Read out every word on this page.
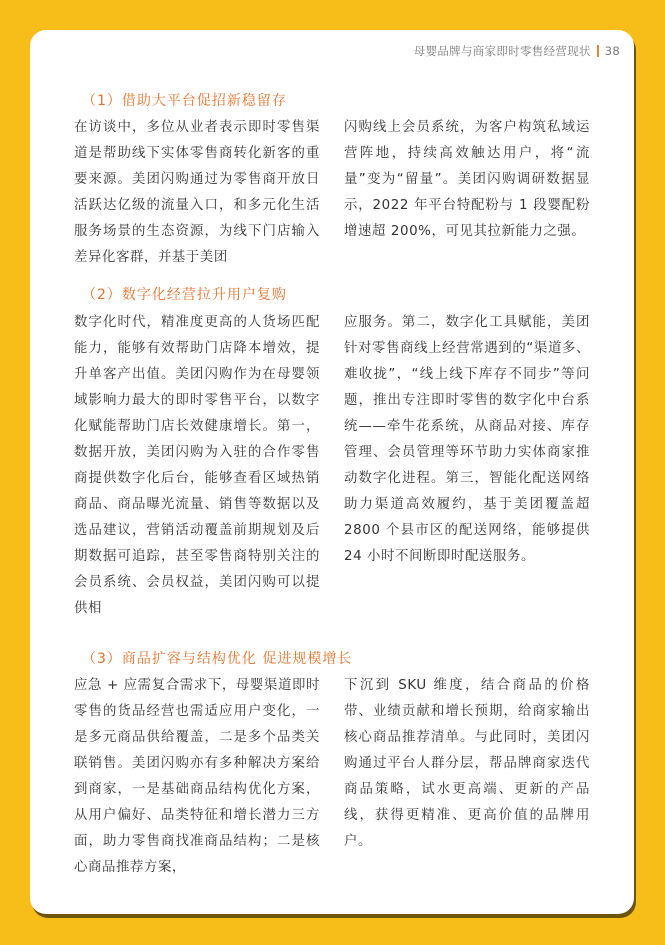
母婴品牌与商家即时零售经营现状 38
（1）借助大平台促招新稳留存

在访谈中，多位从业者表示即时零售渠道是帮助线下实体零售商转化新客的重要来源。美团闪购通过为零售商开放日活跃达亿级的流量入口，和多元化生活服务场景的生态资源，为线下门店输入差异化客群，并基于美团

闪购线上会员系统，为客户构筑私域运营阵地，持续高效触达用户，将“流量”变为“留量”。美团闪购调研数据显示，2022 年平台特配粉与 1 段婴配粉增速超 200%，可见其拉新能力之强。

（2）数字化经营拉升用户复购

数字化时代，精准度更高的人货场匹配能力，能够有效帮助门店降本增效，提升单客产出值。美团闪购作为在母婴领域影响力最大的即时零售平台，以数字化赋能帮助门店长效健康增长。第一，数据开放，美团闪购为入驻的合作零售商提供数字化后台，能够查看区域热销商品、商品曝光流量、销售等数据以及选品建议，营销活动覆盖前期规划及后期数据可追踪，甚至零售商特别关注的会员系统、会员权益，美团闪购可以提供相

应服务。第二，数字化工具赋能，美团针对零售商线上经营常遇到的“渠道多、难收拢”，“线上线下库存不同步”等问题，推出专注即时零售的数字化中台系统——牵牛花系统，从商品对接、库存管理、会员管理等环节助力实体商家推动数字化进程。第三，智能化配送网络助力渠道高效履约，基于美团覆盖超 2800 个县市区的配送网络，能够提供 24 小时不间断即时配送服务。

（3）商品扩容与结构优化 促进规模增长

应急 + 应需复合需求下，母婴渠道即时零售的货品经营也需适应用户变化，一是多元商品供给覆盖，二是多个品类关联销售。美团闪购亦有多种解决方案给到商家，一是基础商品结构优化方案，从用户偏好、品类特征和增长潜力三方面，助力零售商找准商品结构；二是核心商品推荐方案，

下沉到 SKU 维度，结合商品的价格带、业绩贡献和增长预期，给商家输出核心商品推荐清单。与此同时，美团闪购通过平台人群分层，帮品牌商家迭代商品策略，试水更高端、更新的产品线，获得更精准、更高价值的品牌用户。
